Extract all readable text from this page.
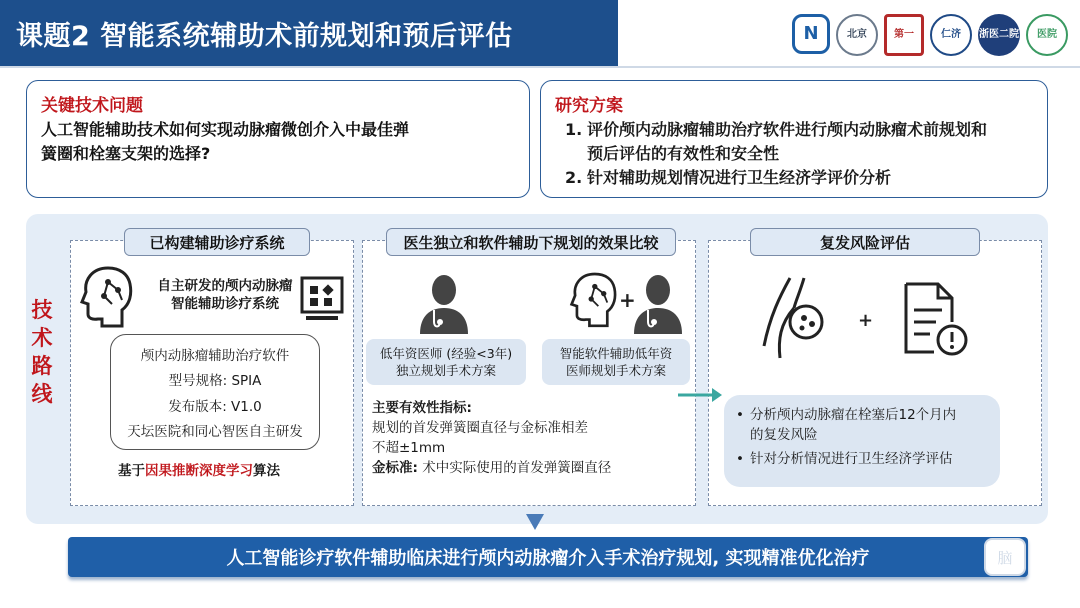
课题2 智能系统辅助术前规划和预后评估	N	北京	第一	仁济	浙医二院	医院
关键技术问题
人工智能辅助技术如何实现动脉瘤微创介入中最佳弹
簧圈和栓塞支架的选择?
研究方案
1. 评价颅内动脉瘤辅助治疗软件进行颅内动脉瘤术前规划和
预后评估的有效性和安全性
2. 针对辅助规划情况进行卫生经济学评价分析
技术路线
已构建辅助诊疗系统	医生独立和软件辅助下规划的效果比较	复发风险评估
自主研发的颅内动脉瘤
智能辅助诊疗系统
颅内动脉瘤辅助治疗软件
型号规格: SPIA
发布版本: V1.0
天坛医院和同心智医自主研发
基于因果推断深度学习算法
+
低年资医师 (经验<3年)
独立规划手术方案
智能软件辅助低年资
医师规划手术方案
主要有效性指标:
规划的首发弹簧圈直径与金标准相差
不超±1mm
金标准: 术中实际使用的首发弹簧圈直径
+
• 分析颅内动脉瘤在栓塞后12个月内
的复发风险
• 针对分析情况进行卫生经济学评估
人工智能诊疗软件辅助临床进行颅内动脉瘤介入手术治疗规划, 实现精准优化治疗	脑
